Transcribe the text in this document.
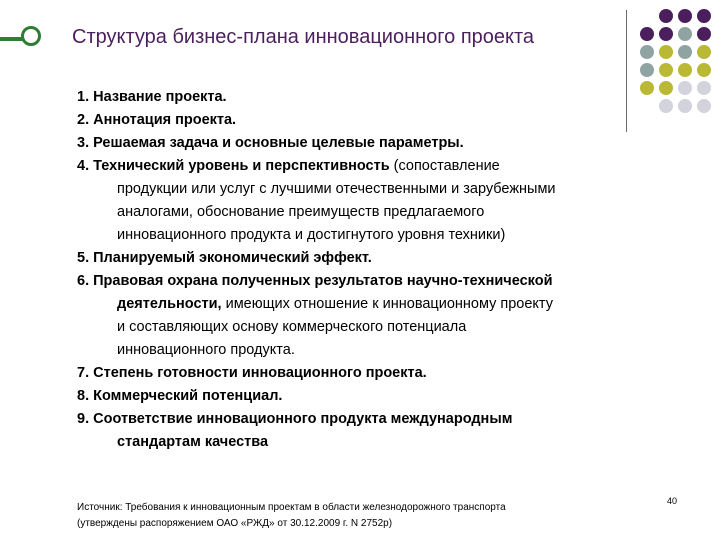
Структура бизнес-плана инновационного проекта
1. Название проекта.
2. Аннотация проекта.
3. Решаемая задача и основные целевые параметры.
4. Технический уровень и перспективность (сопоставление
продукции или услуг с лучшими отечественными и зарубежными
аналогами, обоснование преимуществ предлагаемого
инновационного продукта и достигнутого уровня техники)
5. Планируемый экономический эффект.
6. Правовая охрана полученных результатов научно-технической
деятельности, имеющих отношение к инновационному проекту
и составляющих основу коммерческого потенциала
инновационного продукта.
7. Степень готовности инновационного проекта.
8. Коммерческий потенциал.
9. Соответствие инновационного продукта международным
стандартам качества
Источник: Требования к инновационным проектам в области железнодорожного транспорта
(утверждены распоряжением ОАО «РЖД» от 30.12.2009 г. N 2752р)
40
